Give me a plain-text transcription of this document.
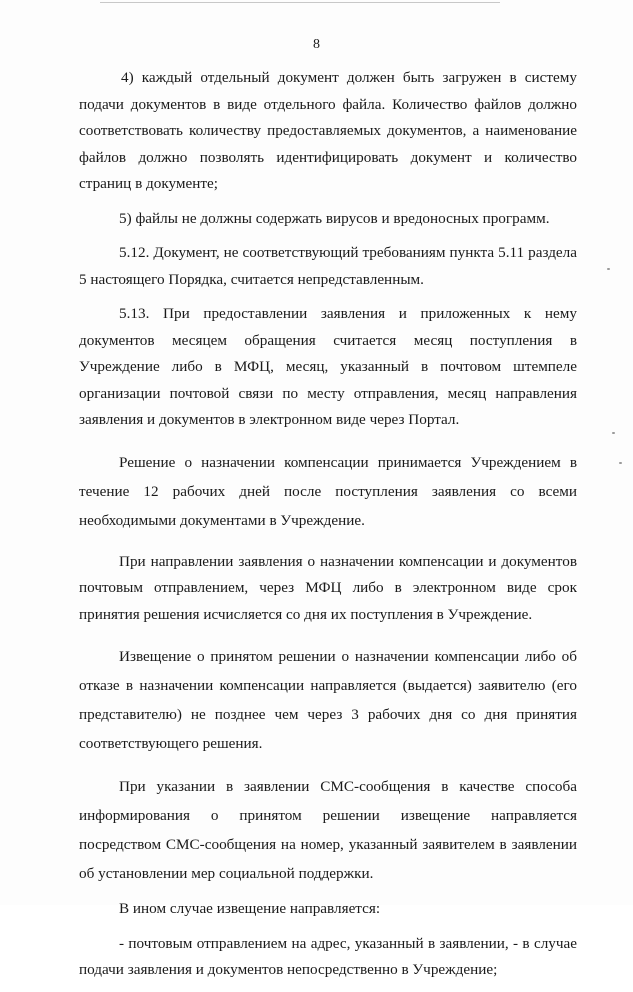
8

4) каждый отдельный документ должен быть загружен в систему подачи документов в виде отдельного файла. Количество файлов должно соответствовать количеству предоставляемых документов, а наименование файлов должно позволять идентифицировать документ и количество страниц в документе;

5) файлы не должны содержать вирусов и вредоносных программ.

5.12. Документ, не соответствующий требованиям пункта 5.11 раздела 5 настоящего Порядка, считается непредставленным.

5.13. При предоставлении заявления и приложенных к нему документов месяцем обращения считается месяц поступления в Учреждение либо в МФЦ, месяц, указанный в почтовом штемпеле организации почтовой связи по месту отправления, месяц направления заявления и документов в электронном виде через Портал.

Решение о назначении компенсации принимается Учреждением в течение 12 рабочих дней после поступления заявления со всеми необходимыми документами в Учреждение.

При направлении заявления о назначении компенсации и документов почтовым отправлением, через МФЦ либо в электронном виде срок принятия решения исчисляется со дня их поступления в Учреждение.

Извещение о принятом решении о назначении компенсации либо об отказе в назначении компенсации направляется (выдается) заявителю (его представителю) не позднее чем через 3 рабочих дня со дня принятия соответствующего решения.

При указании в заявлении СМС-сообщения в качестве способа информирования о принятом решении извещение направляется посредством СМС-сообщения на номер, указанный заявителем в заявлении об установлении мер социальной поддержки.

В ином случае извещение направляется:

- почтовым отправлением на адрес, указанный в заявлении, - в случае подачи заявления и документов непосредственно в Учреждение;
